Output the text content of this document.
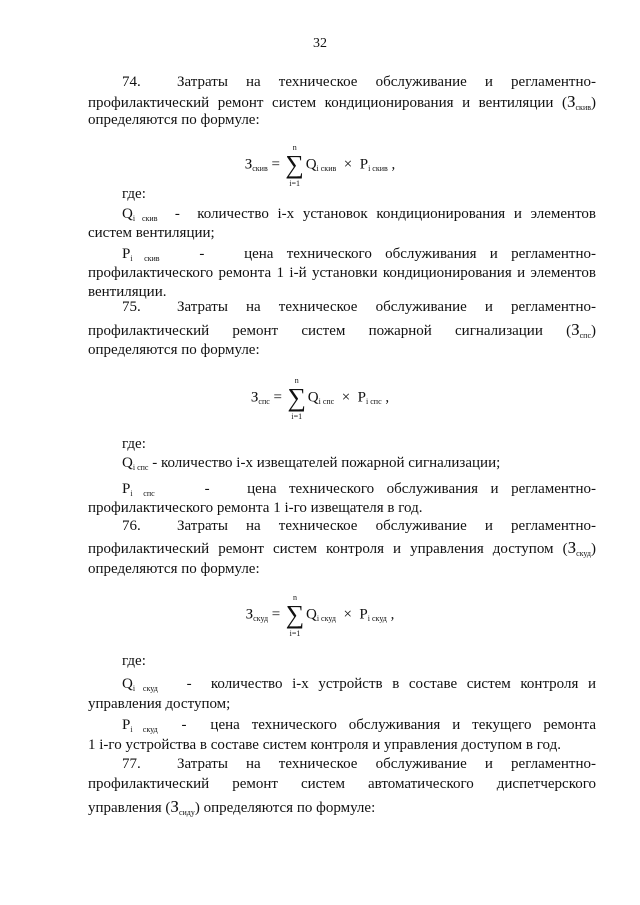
32
74.  Затраты на техническое обслуживание и регламентно-
профилактический ремонт систем кондиционирования и вентиляции $(З_{скив})$
определяются по формуле:
$З_{скив}$ =
n
∑
i=1
$Q_{i скив} \times P_{i скив}$ ,
где:
$Q_{i скив}$ -  количество i-х установок кондиционирования и элементов
систем вентиляции;
$P_{i скив}$	-   цена технического обслуживания и регламентно-
профилактического ремонта 1 i-й установки кондиционирования и элементов
вентиляции.
75.  Затраты на техническое обслуживание и регламентно-
профилактический ремонт систем пожарной сигнализации $(З_{спс})$
определяются по формуле:
$З_{спс}$ =
n
∑
i=1
$Q_{i спс} \times P_{i спс}$ ,
где:
$Q_{i спс}$ - количество i-х извещателей пожарной сигнализации;
$P_{i спс}$	-   цена технического обслуживания и регламентно-
профилактического ремонта 1 i-го извещателя в год.
76.  Затраты на техническое обслуживание и регламентно-
профилактический ремонт систем контроля и управления доступом $(З_{скуд})$
определяются по формуле:
$З_{скуд}$ =
n
∑
i=1
$Q_{i скуд} \times P_{i скуд}$ ,
где:
$Q_{i скуд}$ -  количество i-х устройств в составе систем контроля и
управления доступом;
$P_{i скуд}$ -  цена технического обслуживания и текущего ремонта
1 i-го устройства в составе систем контроля и управления доступом в год.
77.  Затраты на техническое обслуживание и регламентно-
профилактический ремонт систем автоматического диспетчерского
управления $(З_{сиду})$ определяются по формуле:
